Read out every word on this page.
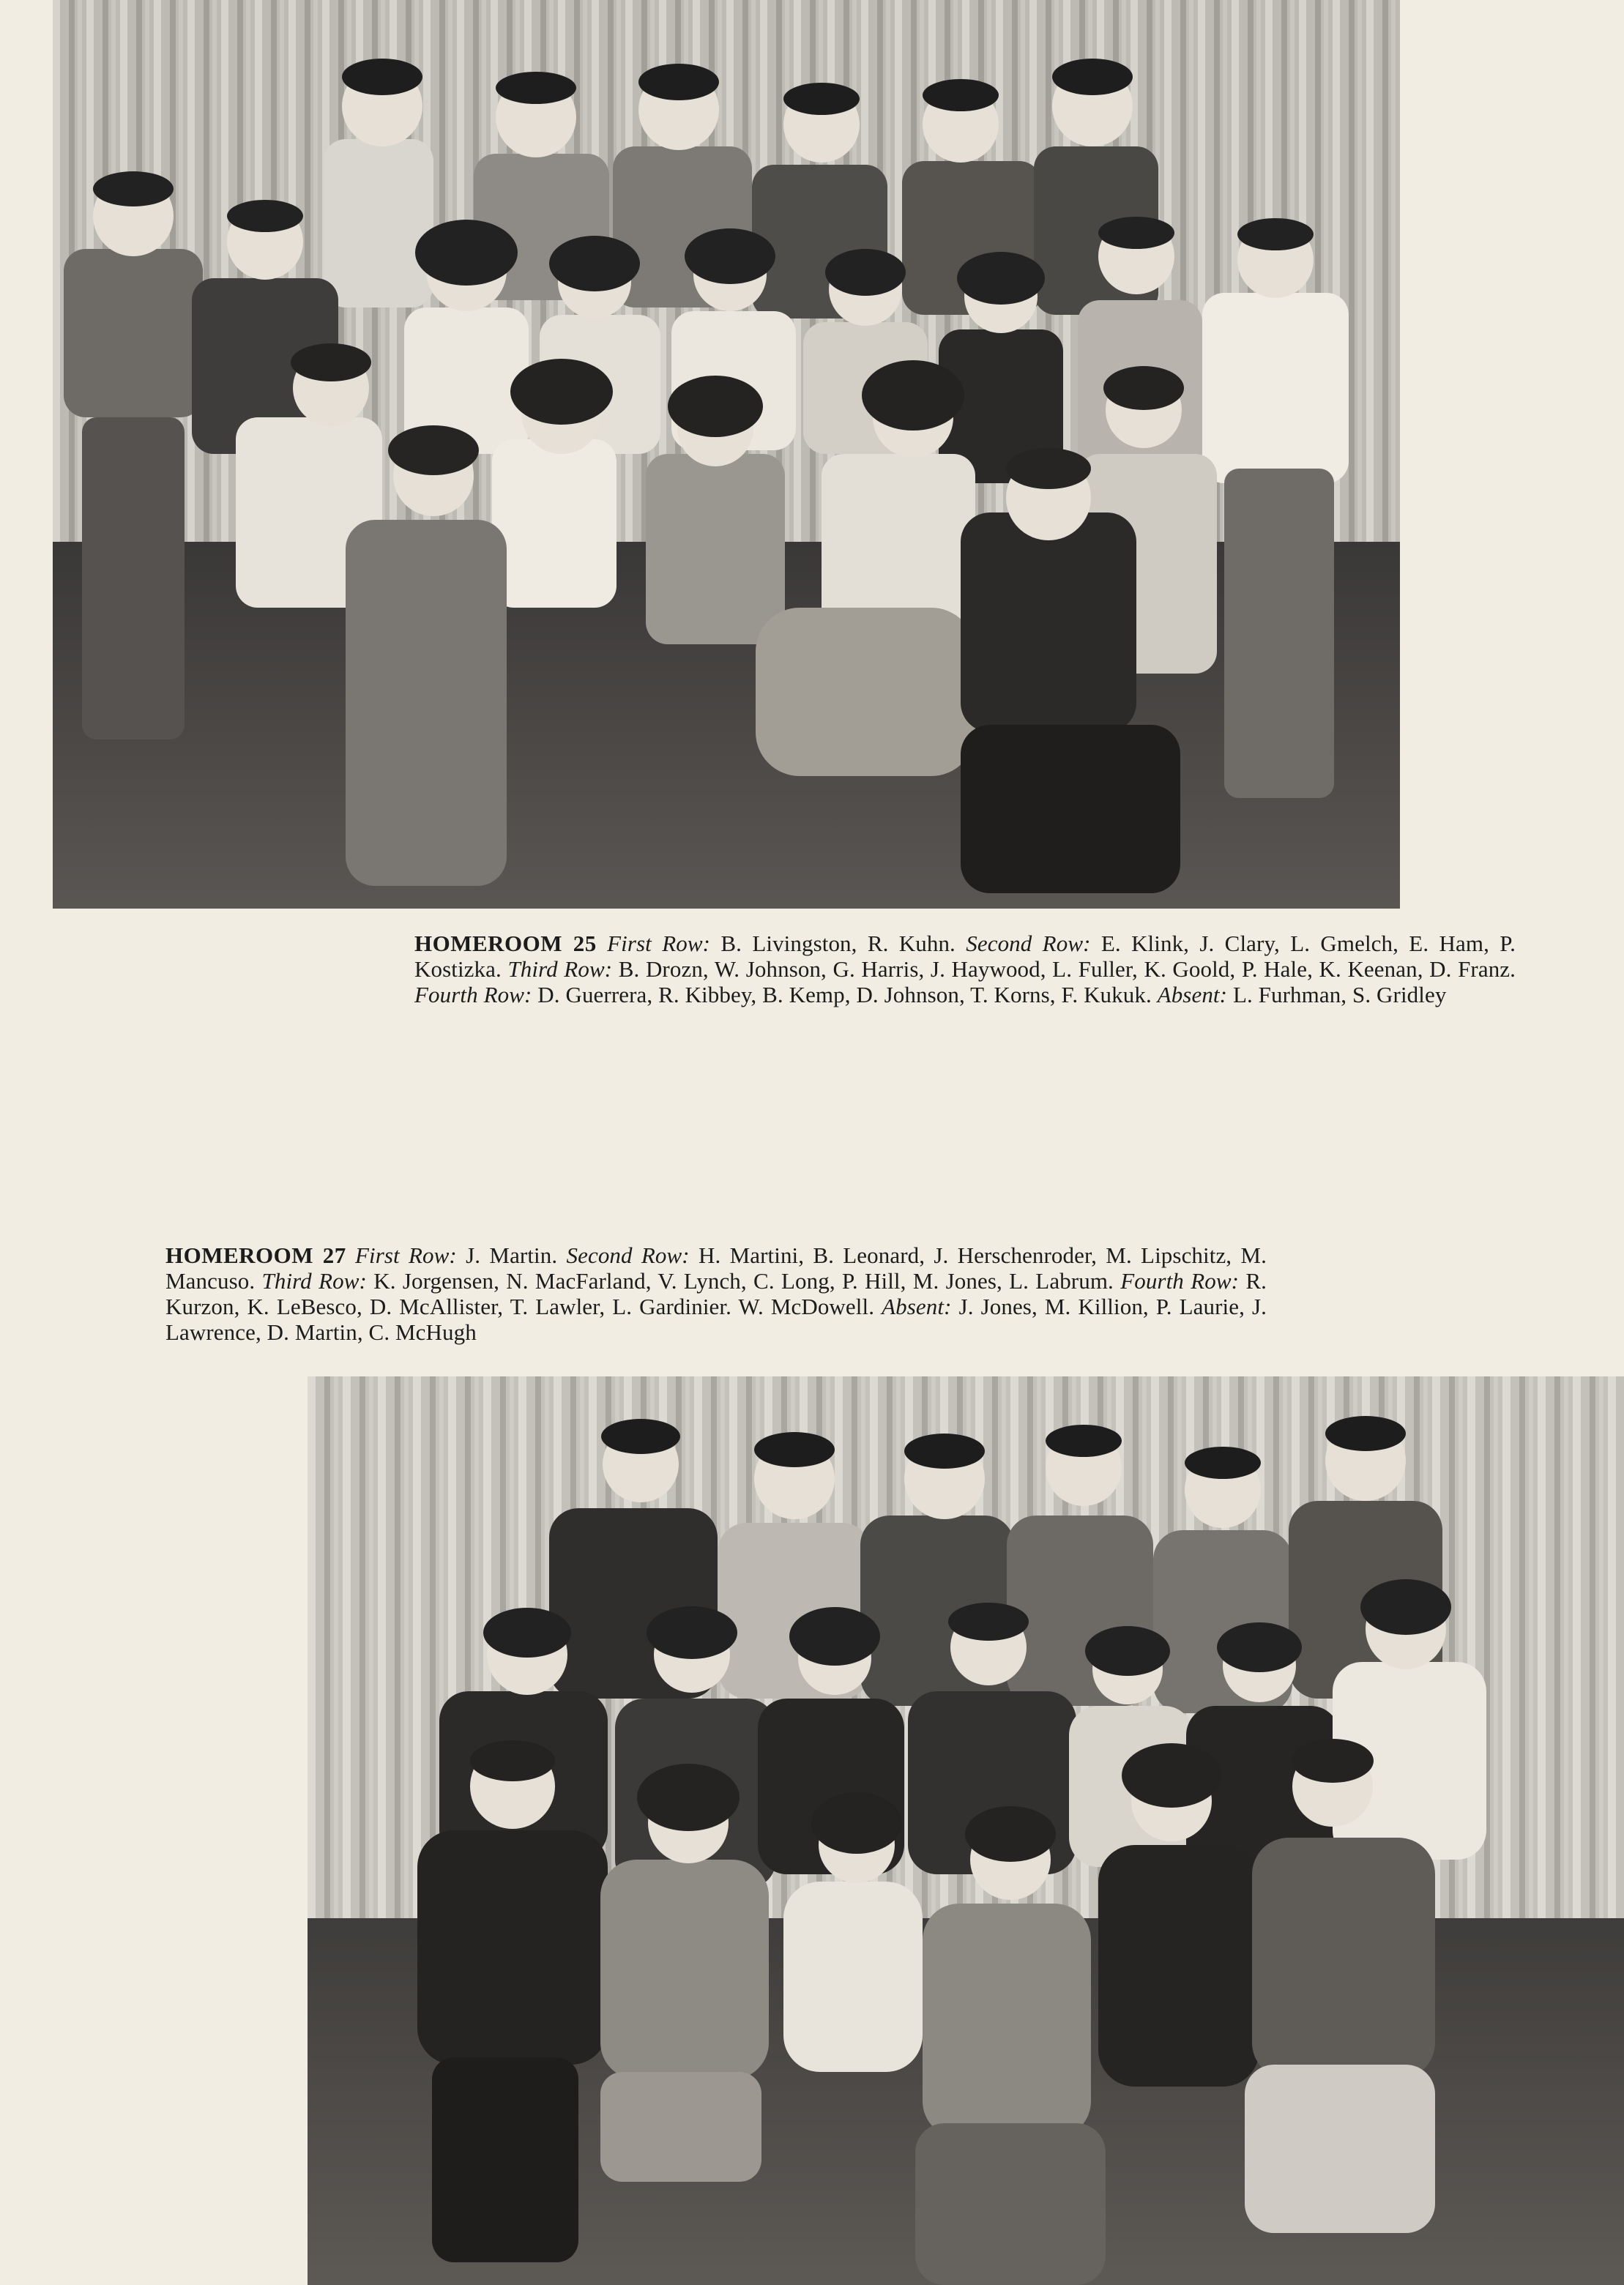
HOMEROOM 25 First Row: B. Livingston, R. Kuhn. Second Row: E. Klink, J. Clary, L. Gmelch, E. Ham, P. Kostizka. Third Row: B. Drozn, W. Johnson, G. Harris, J. Haywood, L. Fuller, K. Goold, P. Hale, K. Keenan, D. Franz. Fourth Row: D. Guerrera, R. Kibbey, B. Kemp, D. Johnson, T. Korns, F. Kukuk. Absent: L. Furhman, S. Gridley
HOMEROOM 27 First Row: J. Martin. Second Row: H. Martini, B. Leonard, J. Herschenroder, M. Lipschitz, M. Mancuso. Third Row: K. Jorgensen, N. MacFarland, V. Lynch, C. Long, P. Hill, M. Jones, L. Labrum. Fourth Row: R. Kurzon, K. LeBesco, D. McAllister, T. Lawler, L. Gardinier. W. McDowell. Absent: J. Jones, M. Killion, P. Laurie, J. Lawrence, D. Martin, C. McHugh
